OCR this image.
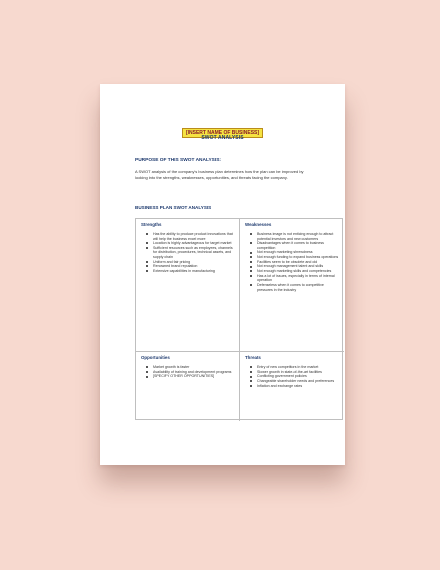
[INSERT NAME OF BUSINESS]
SWOT ANALYSIS
PURPOSE OF THIS SWOT ANALYSIS:
A SWOT analysis of the company's business plan determines how the plan can be improved by looking into the strengths, weaknesses, opportunities, and threats facing the company.
BUSINESS PLAN SWOT ANALYSIS
Strengths
Has the ability to produce product innovations that will help the business excel more
Location is highly advantageous for target market
Sufficient resources such as employees, channels for distribution, procedures, technical assets, and supply chain
Uniform and fair pricing
Renowned brand reputation
Extensive capabilities in manufacturing
Weaknesses
Business image is not enticing enough to attract potential investors and new customers
Disadvantages when it comes to business competition
Not enough marketing shrewdness
Not enough funding to expand business operations
Facilities seem to be obsolete and old
Not enough management talent and skills
Not enough marketing skills and competencies
Has a lot of issues, especially in terms of internal operation
Defenseless when it comes to competitive pressures in the industry
Opportunities
Market growth is faster
Availability of training and development programs
[SPECIFY OTHER OPPORTUNITIES]
Threats
Entry of new competitors in the market
Slower growth in state-of-the-art facilities
Conflicting government policies
Changeable shareholder needs and preferences
Inflation and exchange rates
